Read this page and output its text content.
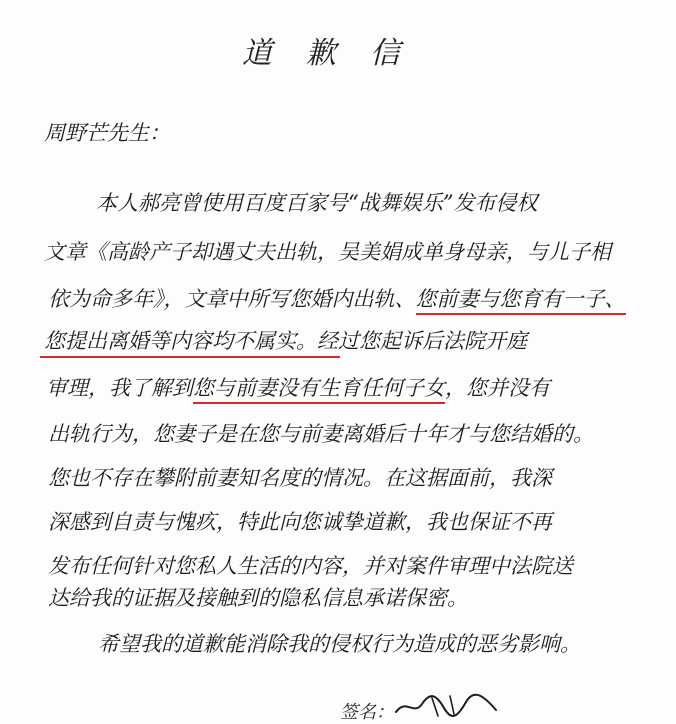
道歉信
周野芒先生：
本人郝亮曾使用百度百家号“战舞娱乐”发布侵权
文章《高龄产子却遇丈夫出轨，吴美娟成单身母亲，与儿子相
依为命多年》，文章中所写您婚内出轨、您前妻与您育有一子、
您提出离婚等内容均不属实。经过您起诉后法院开庭
审理，我了解到您与前妻没有生育任何子女，您并没有
出轨行为，您妻子是在您与前妻离婚后十年才与您结婚的。
您也不存在攀附前妻知名度的情况。在这据面前，我深
深感到自责与愧疚，特此向您诚挚道歉，我也保证不再
发布任何针对您私人生活的内容，并对案件审理中法院送
达给我的证据及接触到的隐私信息承诺保密。
希望我的道歉能消除我的侵权行为造成的恶劣影响。
签名：
